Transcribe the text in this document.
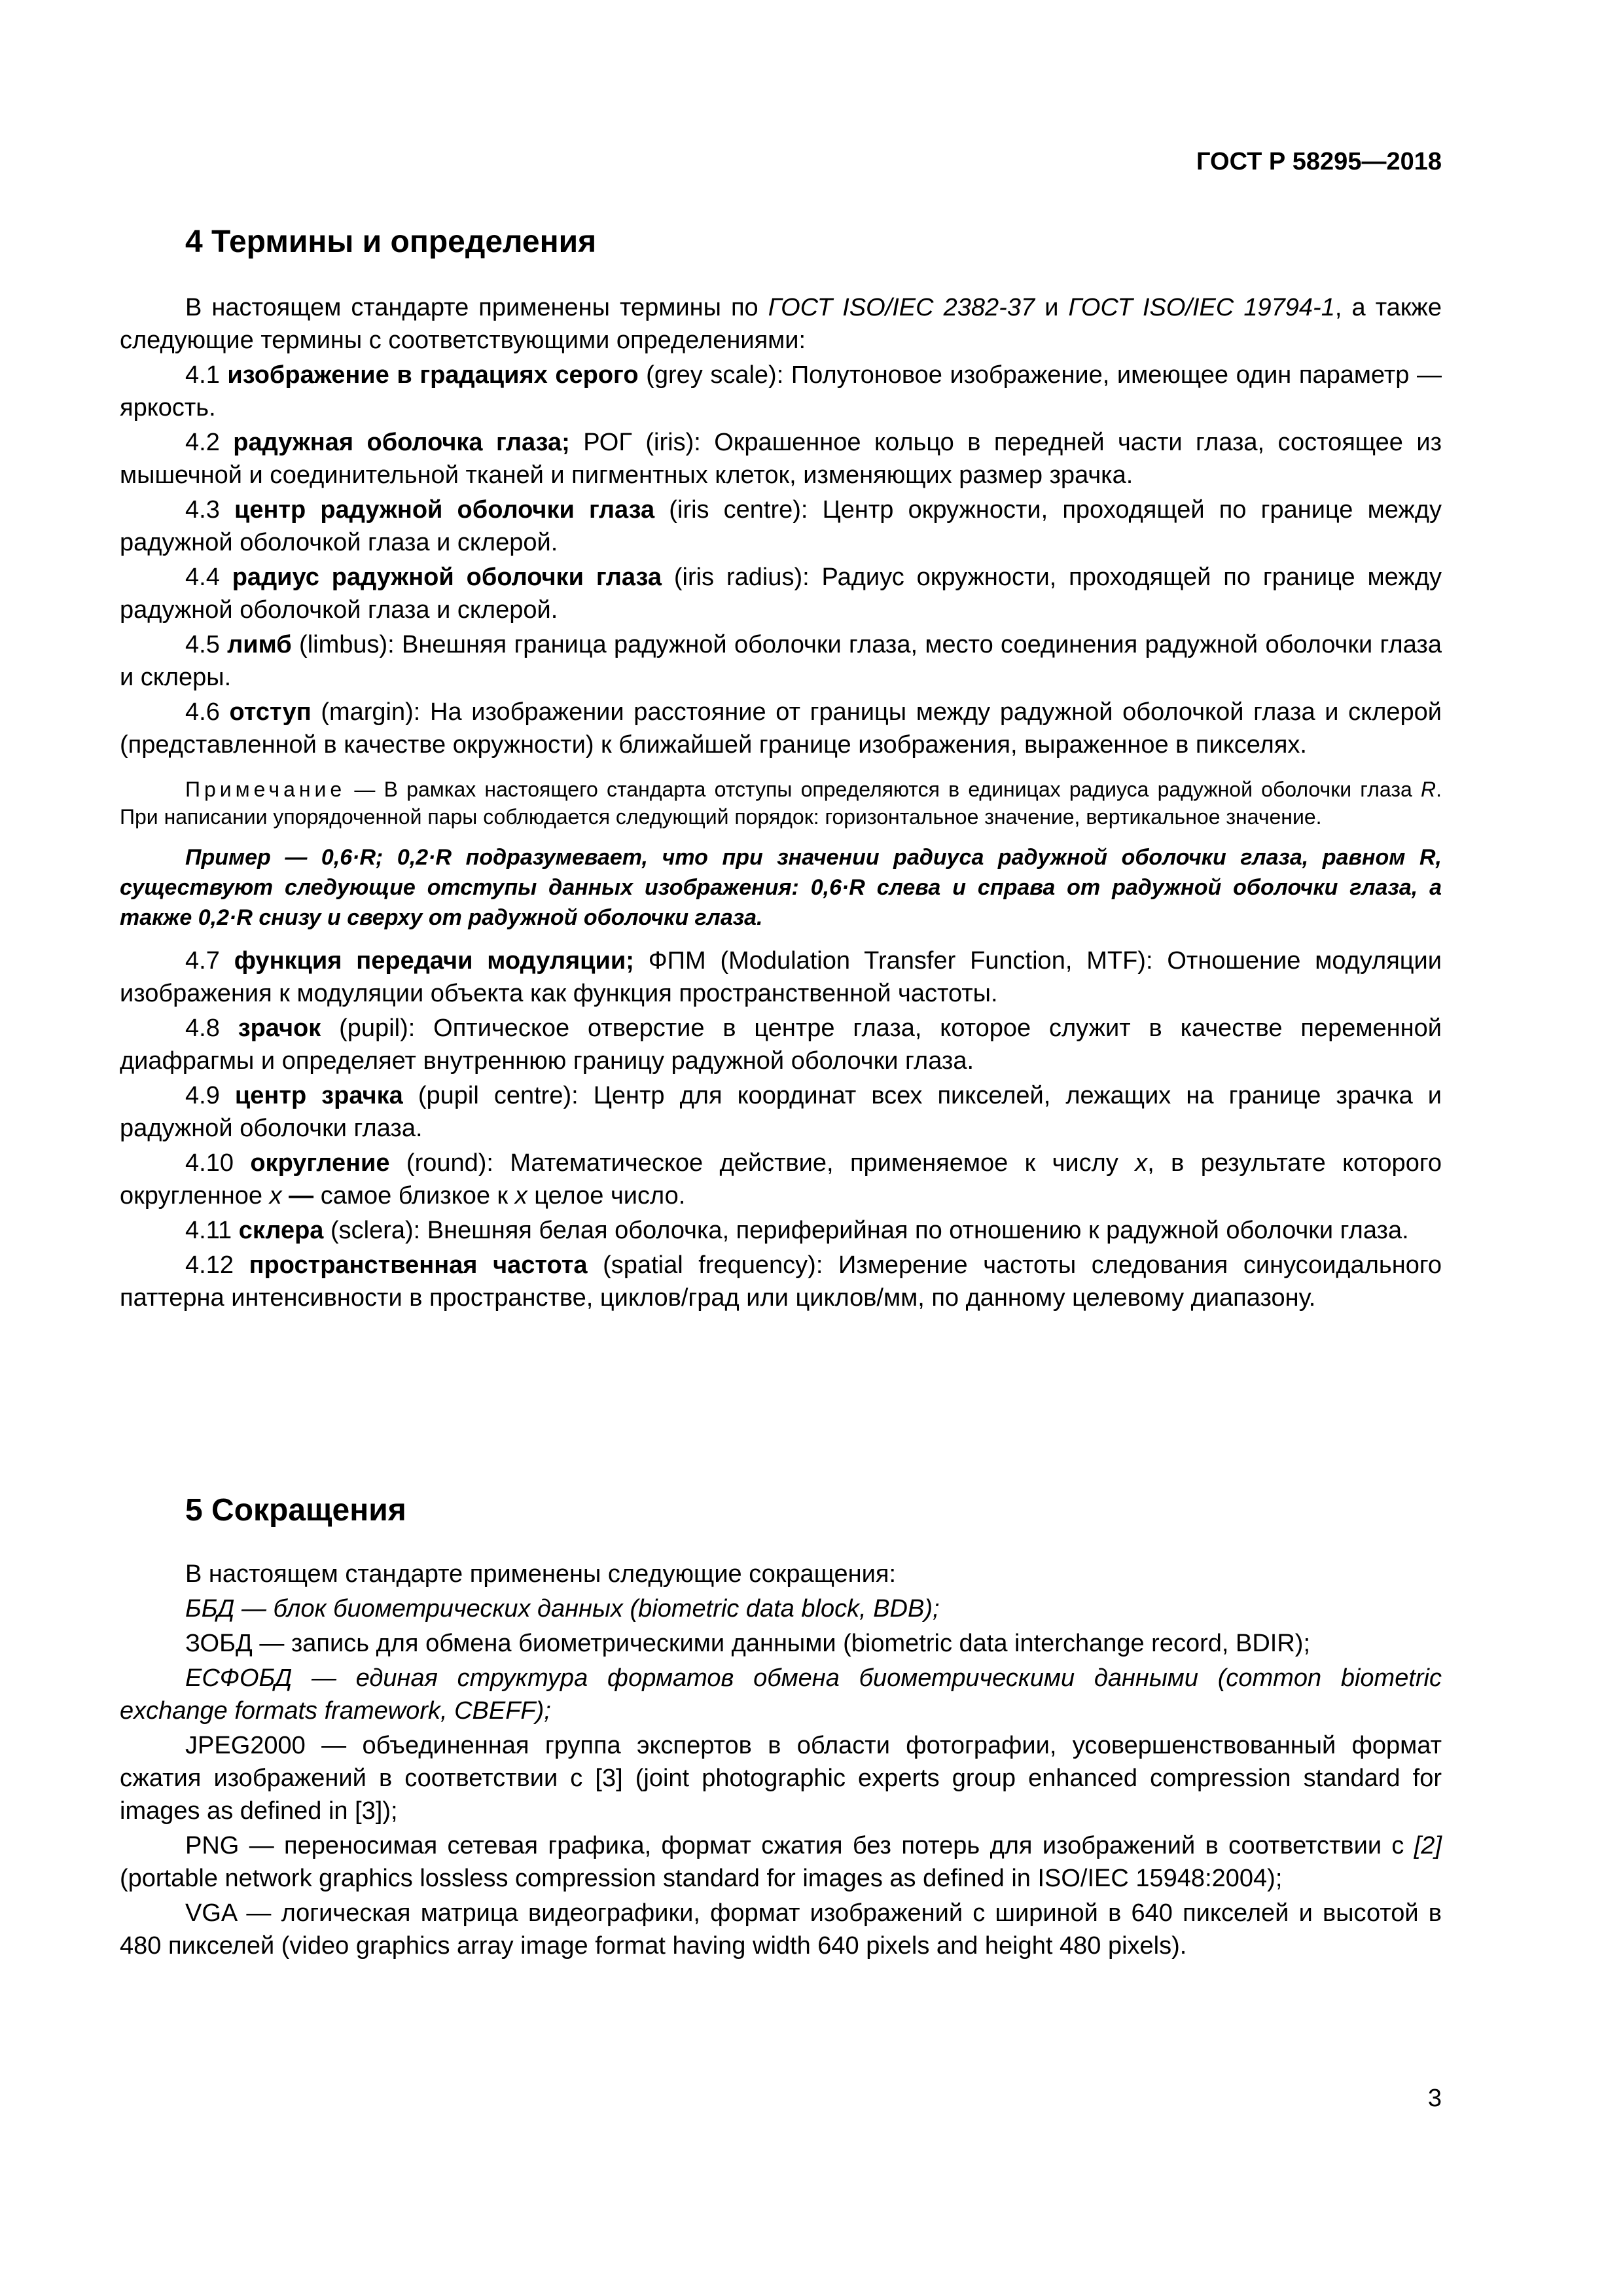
ГОСТ Р 58295—2018
4 Термины и определения

В настоящем стандарте применены термины по ГОСТ ISO/IEC 2382-37 и ГОСТ ISO/IEC 19794-1, а также следующие термины с соответствующими определениями:

4.1 изображение в градациях серого (grey scale): Полутоновое изображение, имеющее один параметр — яркость.

4.2 радужная оболочка глаза; РОГ (iris): Окрашенное кольцо в передней части глаза, состоящее из мышечной и соединительной тканей и пигментных клеток, изменяющих размер зрачка.

4.3 центр радужной оболочки глаза (iris centre): Центр окружности, проходящей по границе между радужной оболочкой глаза и склерой.

4.4 радиус радужной оболочки глаза (iris radius): Радиус окружности, проходящей по границе между радужной оболочкой глаза и склерой.

4.5 лимб (limbus): Внешняя граница радужной оболочки глаза, место соединения радужной оболочки глаза и склеры.

4.6 отступ (margin): На изображении расстояние от границы между радужной оболочкой глаза и склерой (представленной в качестве окружности) к ближайшей границе изображения, выраженное в пикселях.

Примечание — В рамках настоящего стандарта отступы определяются в единицах радиуса радужной оболочки глаза R. При написании упорядоченной пары соблюдается следующий порядок: горизонтальное значение, вертикальное значение.

Пример — 0,6·R; 0,2·R подразумевает, что при значении радиуса радужной оболочки глаза, равном R, существуют следующие отступы данных изображения: 0,6·R слева и справа от радужной оболочки глаза, а также 0,2·R снизу и сверху от радужной оболочки глаза.

4.7 функция передачи модуляции; ФПМ (Modulation Transfer Function, MTF): Отношение модуляции изображения к модуляции объекта как функция пространственной частоты.

4.8 зрачок (pupil): Оптическое отверстие в центре глаза, которое служит в качестве переменной диафрагмы и определяет внутреннюю границу радужной оболочки глаза.

4.9 центр зрачка (pupil centre): Центр для координат всех пикселей, лежащих на границе зрачка и радужной оболочки глаза.

4.10 округление (round): Математическое действие, применяемое к числу x, в результате которого округленное x — самое близкое к x целое число.

4.11 склера (sclera): Внешняя белая оболочка, периферийная по отношению к радужной оболочки глаза.

4.12 пространственная частота (spatial frequency): Измерение частоты следования синусоидального паттерна интенсивности в пространстве, циклов/град или циклов/мм, по данному целевому диапазону.

5 Сокращения

В настоящем стандарте применены следующие сокращения:

ББД — блок биометрических данных (biometric data block, BDB);

ЗОБД — запись для обмена биометрическими данными (biometric data interchange record, BDIR);

ЕСФОБД — единая структура форматов обмена биометрическими данными (common biometric exchange formats framework, CBEFF);

JPEG2000 — объединенная группа экспертов в области фотографии, усовершенствованный формат сжатия изображений в соответствии с [3] (joint photographic experts group enhanced compression standard for images as defined in [3]);

PNG — переносимая сетевая графика, формат сжатия без потерь для изображений в соответствии с [2] (portable network graphics lossless compression standard for images as defined in ISO/IEC 15948:2004);

VGA — логическая матрица видеографики, формат изображений с шириной в 640 пикселей и высотой в 480 пикселей (video graphics array image format having width 640 pixels and height 480 pixels).

3
